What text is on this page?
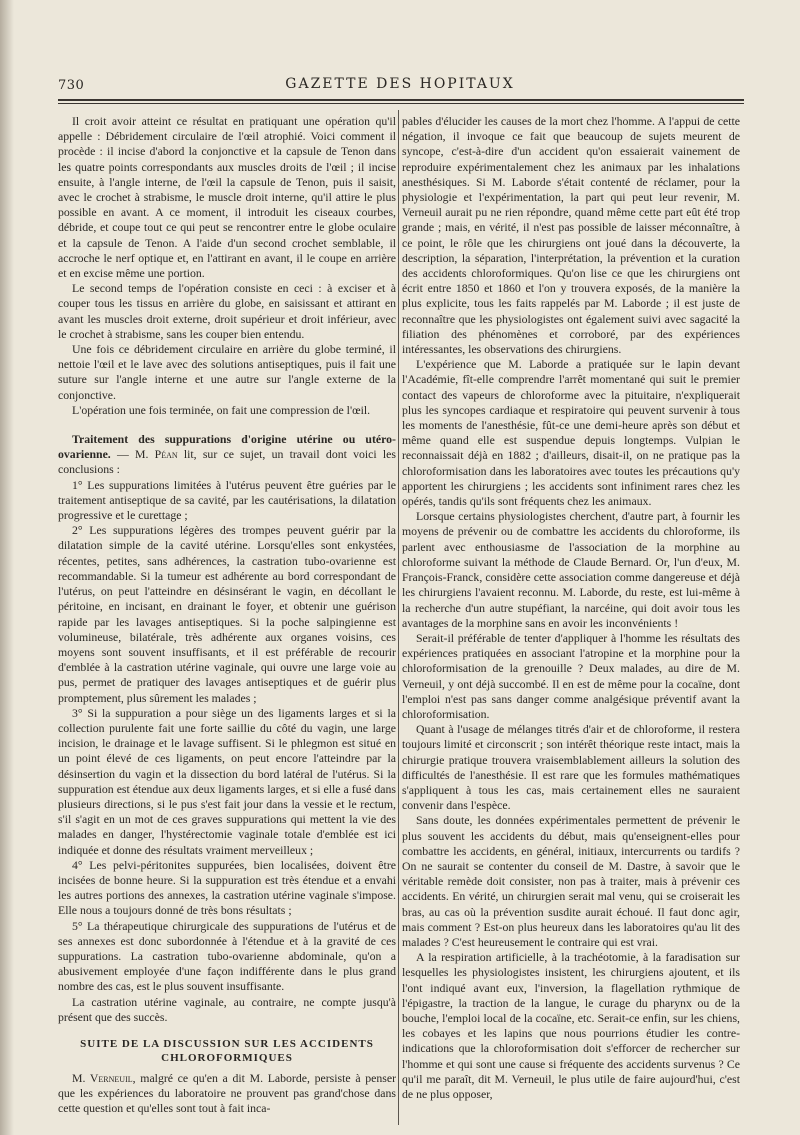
730	GAZETTE DES HOPITAUX

Il croit avoir atteint ce résultat en pratiquant une opération qu'il appelle : Débridement circulaire de l'œil atrophié. Voici comment il procède : il incise d'abord la conjonctive et la capsule de Tenon dans les quatre points correspondants aux muscles droits de l'œil ; il incise ensuite, à l'angle interne, de l'œil la capsule de Tenon, puis il saisit, avec le crochet à strabisme, le muscle droit interne, qu'il attire le plus possible en avant. A ce moment, il introduit les ciseaux courbes, débride, et coupe tout ce qui peut se rencontrer entre le globe oculaire et la capsule de Tenon. A l'aide d'un second crochet semblable, il accroche le nerf optique et, en l'attirant en avant, il le coupe en arrière et en excise même une portion.

Le second temps de l'opération consiste en ceci : à exciser et à couper tous les tissus en arrière du globe, en saisissant et attirant en avant les muscles droit externe, droit supérieur et droit inférieur, avec le crochet à strabisme, sans les couper bien entendu.

Une fois ce débridement circulaire en arrière du globe terminé, il nettoie l'œil et le lave avec des solutions antiseptiques, puis il fait une suture sur l'angle interne et une autre sur l'angle externe de la conjonctive.

L'opération une fois terminée, on fait une compression de l'œil.

Traitement des suppurations d'origine utérine ou utéro-ovarienne. — M. Péan lit, sur ce sujet, un travail dont voici les conclusions :

1° Les suppurations limitées à l'utérus peuvent être guéries par le traitement antiseptique de sa cavité, par les cautérisations, la dilatation progressive et le curettage ;

2° Les suppurations légères des trompes peuvent guérir par la dilatation simple de la cavité utérine. Lorsqu'elles sont enkystées, récentes, petites, sans adhérences, la castration tubo-ovarienne est recommandable. Si la tumeur est adhérente au bord correspondant de l'utérus, on peut l'atteindre en désinsérant le vagin, en décollant le péritoine, en incisant, en drainant le foyer, et obtenir une guérison rapide par les lavages antiseptiques. Si la poche salpingienne est volumineuse, bilatérale, très adhérente aux organes voisins, ces moyens sont souvent insuffisants, et il est préférable de recourir d'emblée à la castration utérine vaginale, qui ouvre une large voie au pus, permet de pratiquer des lavages antiseptiques et de guérir plus promptement, plus sûrement les malades ;

3° Si la suppuration a pour siège un des ligaments larges et si la collection purulente fait une forte saillie du côté du vagin, une large incision, le drainage et le lavage suffisent. Si le phlegmon est situé en un point élevé de ces ligaments, on peut encore l'atteindre par la désinsertion du vagin et la dissection du bord latéral de l'utérus. Si la suppuration est étendue aux deux ligaments larges, et si elle a fusé dans plusieurs directions, si le pus s'est fait jour dans la vessie et le rectum, s'il s'agit en un mot de ces graves suppurations qui mettent la vie des malades en danger, l'hystérectomie vaginale totale d'emblée est ici indiquée et donne des résultats vraiment merveilleux ;

4° Les pelvi-péritonites suppurées, bien localisées, doivent être incisées de bonne heure. Si la suppuration est très étendue et a envahi les autres portions des annexes, la castration utérine vaginale s'impose. Elle nous a toujours donné de très bons résultats ;

5° La thérapeutique chirurgicale des suppurations de l'utérus et de ses annexes est donc subordonnée à l'étendue et à la gravité de ces suppurations. La castration tubo-ovarienne abdominale, qu'on a abusivement employée d'une façon indifférente dans le plus grand nombre des cas, est le plus souvent insuffisante.

La castration utérine vaginale, au contraire, ne compte jusqu'à présent que des succès.

SUITE DE LA DISCUSSION SUR LES ACCIDENTS
CHLOROFORMIQUES

M. Verneuil, malgré ce qu'en a dit M. Laborde, persiste à penser que les expériences du laboratoire ne prouvent pas grand'chose dans cette question et qu'elles sont tout à fait inca-

pables d'élucider les causes de la mort chez l'homme. A l'appui de cette négation, il invoque ce fait que beaucoup de sujets meurent de syncope, c'est-à-dire d'un accident qu'on essaierait vainement de reproduire expérimentalement chez les animaux par les inhalations anesthésiques. Si M. Laborde s'était contenté de réclamer, pour la physiologie et l'expérimentation, la part qui peut leur revenir, M. Verneuil aurait pu ne rien répondre, quand même cette part eût été trop grande ; mais, en vérité, il n'est pas possible de laisser méconnaître, à ce point, le rôle que les chirurgiens ont joué dans la découverte, la description, la séparation, l'interprétation, la prévention et la curation des accidents chloroformiques. Qu'on lise ce que les chirurgiens ont écrit entre 1850 et 1860 et l'on y trouvera exposés, de la manière la plus explicite, tous les faits rappelés par M. Laborde ; il est juste de reconnaître que les physiologistes ont également suivi avec sagacité la filiation des phénomènes et corroboré, par des expériences intéressantes, les observations des chirurgiens.

L'expérience que M. Laborde a pratiquée sur le lapin devant l'Académie, fît-elle comprendre l'arrêt momentané qui suit le premier contact des vapeurs de chloroforme avec la pituitaire, n'expliquerait plus les syncopes cardiaque et respiratoire qui peuvent survenir à tous les moments de l'anesthésie, fût-ce une demi-heure après son début et même quand elle est suspendue depuis longtemps. Vulpian le reconnaissait déjà en 1882 ; d'ailleurs, disait-il, on ne pratique pas la chloroformisation dans les laboratoires avec toutes les précautions qu'y apportent les chirurgiens ; les accidents sont infiniment rares chez les opérés, tandis qu'ils sont fréquents chez les animaux.

Lorsque certains physiologistes cherchent, d'autre part, à fournir les moyens de prévenir ou de combattre les accidents du chloroforme, ils parlent avec enthousiasme de l'association de la morphine au chloroforme suivant la méthode de Claude Bernard. Or, l'un d'eux, M. François-Franck, considère cette association comme dangereuse et déjà les chirurgiens l'avaient reconnu. M. Laborde, du reste, est lui-même à la recherche d'un autre stupéfiant, la narcéine, qui doit avoir tous les avantages de la morphine sans en avoir les inconvénients !

Serait-il préférable de tenter d'appliquer à l'homme les résultats des expériences pratiquées en associant l'atropine et la morphine pour la chloroformisation de la grenouille ? Deux malades, au dire de M. Verneuil, y ont déjà succombé. Il en est de même pour la cocaïne, dont l'emploi n'est pas sans danger comme analgésique préventif avant la chloroformisation.

Quant à l'usage de mélanges titrés d'air et de chloroforme, il restera toujours limité et circonscrit ; son intérêt théorique reste intact, mais la chirurgie pratique trouvera vraisemblablement ailleurs la solution des difficultés de l'anesthésie. Il est rare que les formules mathématiques s'appliquent à tous les cas, mais certainement elles ne sauraient convenir dans l'espèce.

Sans doute, les données expérimentales permettent de prévenir le plus souvent les accidents du début, mais qu'enseignent-elles pour combattre les accidents, en général, initiaux, intercurrents ou tardifs ? On ne saurait se contenter du conseil de M. Dastre, à savoir que le véritable remède doit consister, non pas à traiter, mais à prévenir ces accidents. En vérité, un chirurgien serait mal venu, qui se croiserait les bras, au cas où la prévention susdite aurait échoué. Il faut donc agir, mais comment ? Est-on plus heureux dans les laboratoires qu'au lit des malades ? C'est heureusement le contraire qui est vrai.

A la respiration artificielle, à la trachéotomie, à la faradisation sur lesquelles les physiologistes insistent, les chirurgiens ajoutent, et ils l'ont indiqué avant eux, l'inversion, la flagellation rythmique de l'épigastre, la traction de la langue, le curage du pharynx ou de la bouche, l'emploi local de la cocaïne, etc. Serait-ce enfin, sur les chiens, les cobayes et les lapins que nous pourrions étudier les contre-indications que la chloroformisation doit s'efforcer de rechercher sur l'homme et qui sont une cause si fréquente des accidents survenus ? Ce qu'il me paraît, dit M. Verneuil, le plus utile de faire aujourd'hui, c'est de ne plus opposer,
